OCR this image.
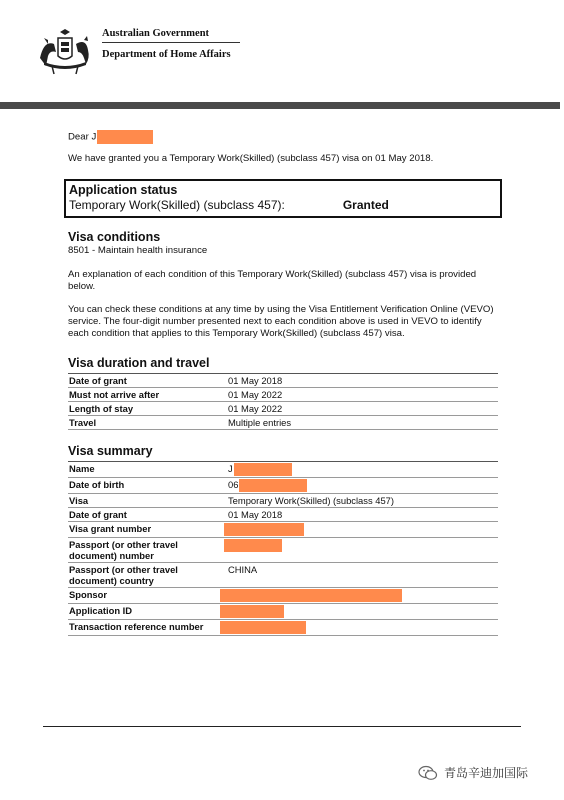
Australian Government
Department of Home Affairs

Dear J

We have granted you a Temporary Work(Skilled) (subclass 457) visa on 01 May 2018.

Application status
Temporary Work(Skilled) (subclass 457):	Granted
Visa conditions

8501 - Maintain health insurance

An explanation of each condition of this Temporary Work(Skilled) (subclass 457) visa is provided below.

You can check these conditions at any time by using the Visa Entitlement Verification Online (VEVO) service. The four-digit number presented next to each condition above is used in VEVO to identify each condition that applies to this Temporary Work(Skilled) (subclass 457) visa.

Visa duration and travel
Date of grant	01 May 2018
Must not arrive after	01 May 2022
Length of stay	01 May 2022
Travel	Multiple entries
Visa summary
Name	J
Date of birth	06
Visa	Temporary Work(Skilled) (subclass 457)
Date of grant	01 May 2018
Visa grant number	
Passport (or other travel document) number	
Passport (or other travel document) country	CHINA
Sponsor	
Application ID	
Transaction reference number	
青岛辛迪加国际
